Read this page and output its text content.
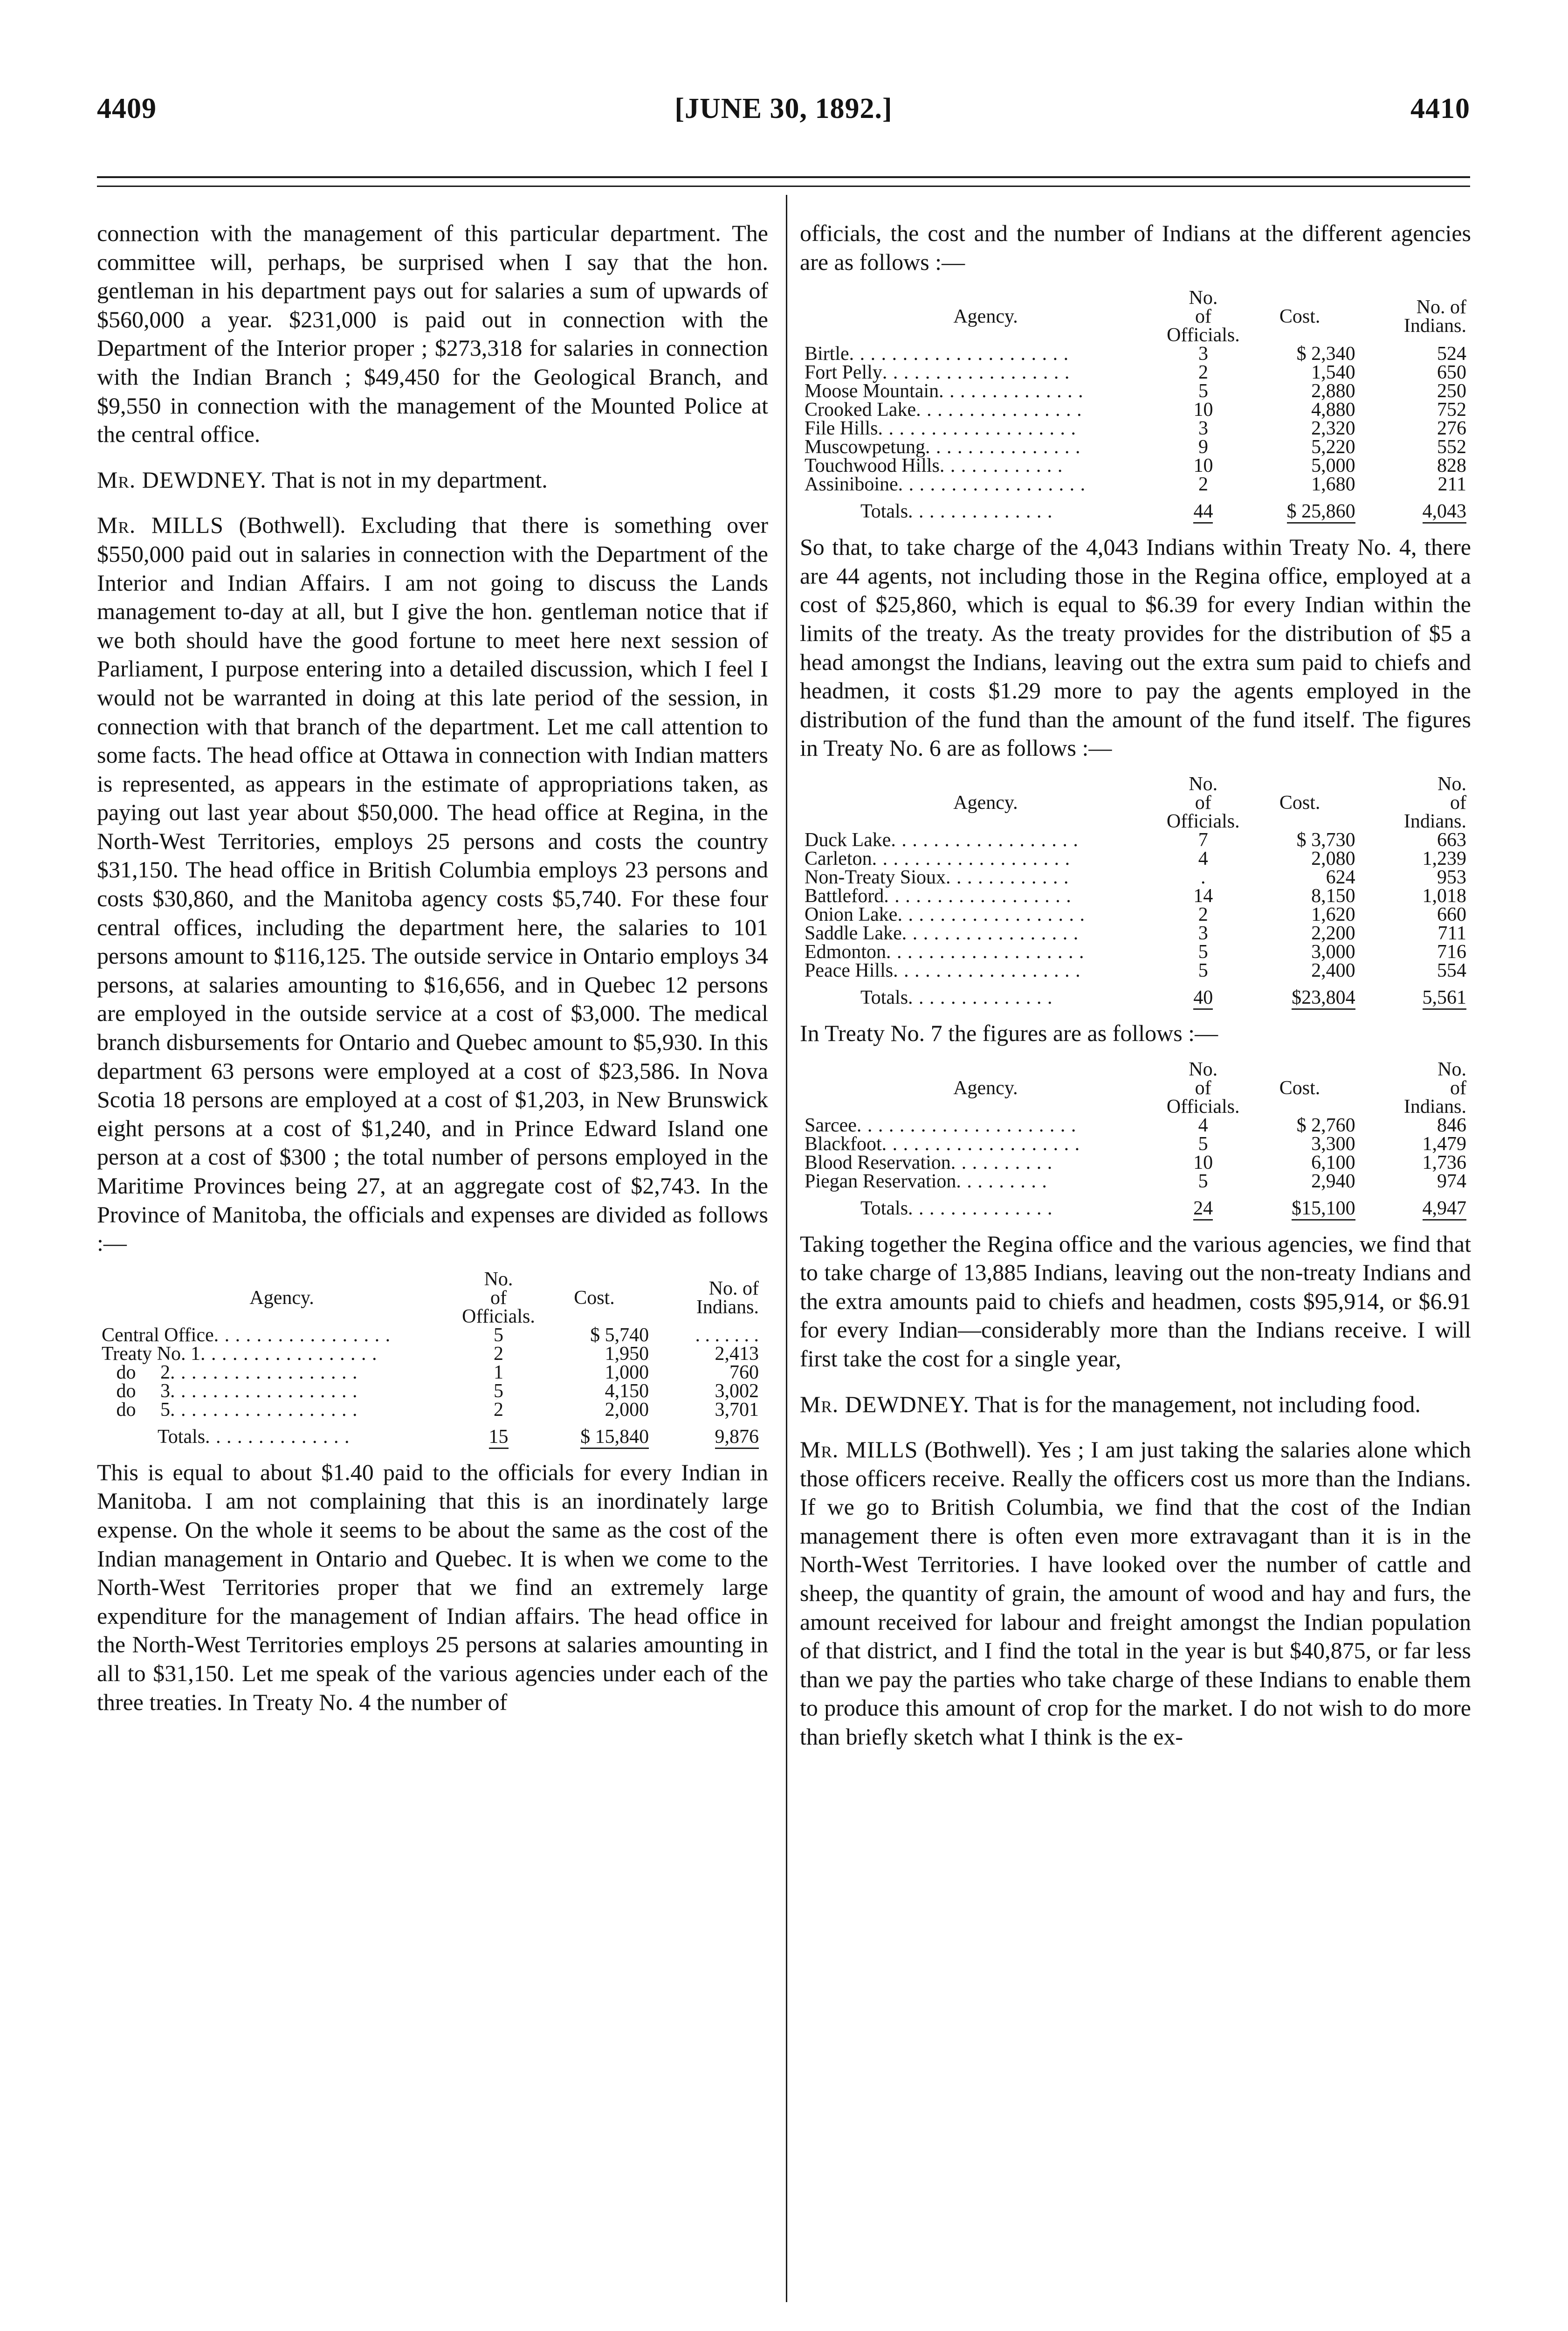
4409	[JUNE 30, 1892.]	4410

connection with the management of this particular department. The committee will, perhaps, be surprised when I say that the hon. gentleman in his department pays out for salaries a sum of upwards of $560,000 a year. $231,000 is paid out in connection with the Department of the Interior proper ; $273,318 for salaries in connection with the Indian Branch ; $49,450 for the Geological Branch, and $9,550 in connection with the management of the Mounted Police at the central office.

Mr. DEWDNEY. That is not in my department.

Mr. MILLS (Bothwell). Excluding that there is something over $550,000 paid out in salaries in connection with the Department of the Interior and Indian Affairs. I am not going to discuss the Lands management to-day at all, but I give the hon. gentleman notice that if we both should have the good fortune to meet here next session of Parliament, I purpose entering into a detailed discussion, which I feel I would not be warranted in doing at this late period of the session, in connection with that branch of the department. Let me call attention to some facts. The head office at Ottawa in connection with Indian matters is represented, as appears in the estimate of appropriations taken, as paying out last year about $50,000. The head office at Regina, in the North-West Territories, employs 25 persons and costs the country $31,150. The head office in British Columbia employs 23 persons and costs $30,860, and the Manitoba agency costs $5,740. For these four central offices, including the department here, the salaries to 101 persons amount to $116,125. The outside service in Ontario employs 34 persons, at salaries amounting to $16,656, and in Quebec 12 persons are employed in the outside service at a cost of $3,000. The medical branch disbursements for Ontario and Quebec amount to $5,930. In this department 63 persons were employed at a cost of $23,586. In Nova Scotia 18 persons are employed at a cost of $1,203, in New Brunswick eight persons at a cost of $1,240, and in Prince Edward Island one person at a cost of $300 ; the total number of persons employed in the Maritime Provinces being 27, at an aggregate cost of $2,743. In the Province of Manitoba, the officials and expenses are divided as follows :—

Agency.	No.
of
Officials.	Cost.	No. of
Indians.
Central Office. . . . . . . . . . . . . . . . .	5	$ 5,740	. . . . . . .
Treaty No. 1. . . . . . . . . . . . . . . . .	2	1,950	2,413
do     2. . . . . . . . . . . . . . . . . .	1	1,000	760
do     3. . . . . . . . . . . . . . . . . .	5	4,150	3,002
do     5. . . . . . . . . . . . . . . . . .	2	2,000	3,701
Totals. . . . . . . . . . . . . .	15	$ 15,840	9,876

This is equal to about $1.40 paid to the officials for every Indian in Manitoba. I am not complaining that this is an inordinately large expense. On the whole it seems to be about the same as the cost of the Indian management in Ontario and Quebec. It is when we come to the North-West Territories proper that we find an extremely large expenditure for the management of Indian affairs. The head office in the North-West Territories employs 25 persons at salaries amounting in all to $31,150. Let me speak of the various agencies under each of the three treaties. In Treaty No. 4 the number of

officials, the cost and the number of Indians at the different agencies are as follows :—

Agency.	No.
of
Officials.	Cost.	No. of
Indians.
Birtle. . . . . . . . . . . . . . . . . . . . .	3	$ 2,340	524
Fort Pelly. . . . . . . . . . . . . . . . . .	2	1,540	650
Moose Mountain. . . . . . . . . . . . . .	5	2,880	250
Crooked Lake. . . . . . . . . . . . . . . .	10	4,880	752
File Hills. . . . . . . . . . . . . . . . . . .	3	2,320	276
Muscowpetung. . . . . . . . . . . . . . .	9	5,220	552
Touchwood Hills. . . . . . . . . . . .	10	5,000	828
Assiniboine. . . . . . . . . . . . . . . . . .	2	1,680	211
Totals. . . . . . . . . . . . . .	44	$ 25,860	4,043

So that, to take charge of the 4,043 Indians within Treaty No. 4, there are 44 agents, not including those in the Regina office, employed at a cost of $25,860, which is equal to $6.39 for every Indian within the limits of the treaty. As the treaty provides for the distribution of $5 a head amongst the Indians, leaving out the extra sum paid to chiefs and headmen, it costs $1.29 more to pay the agents employed in the distribution of the fund than the amount of the fund itself. The figures in Treaty No. 6 are as follows :—

Agency.	No.
of
Officials.	Cost.	No.
of
Indians.
Duck Lake. . . . . . . . . . . . . . . . . .	7	$ 3,730	663
Carleton. . . . . . . . . . . . . . . . . . .	4	2,080	1,239
Non-Treaty Sioux. . . . . . . . . . . .	.	624	953
Battleford. . . . . . . . . . . . . . . . . .	14	8,150	1,018
Onion Lake. . . . . . . . . . . . . . . . . .	2	1,620	660
Saddle Lake. . . . . . . . . . . . . . . . .	3	2,200	711
Edmonton. . . . . . . . . . . . . . . . . . .	5	3,000	716
Peace Hills. . . . . . . . . . . . . . . . . .	5	2,400	554
Totals. . . . . . . . . . . . . .	40	$23,804	5,561

In Treaty No. 7 the figures are as follows :—

Agency.	No.
of
Officials.	Cost.	No.
of
Indians.
Sarcee. . . . . . . . . . . . . . . . . . . . .	4	$ 2,760	846
Blackfoot. . . . . . . . . . . . . . . . . . .	5	3,300	1,479
Blood Reservation. . . . . . . . . .	10	6,100	1,736
Piegan Reservation. . . . . . . . .	5	2,940	974
Totals. . . . . . . . . . . . . .	24	$15,100	4,947

Taking together the Regina office and the various agencies, we find that to take charge of 13,885 Indians, leaving out the non-treaty Indians and the extra amounts paid to chiefs and headmen, costs $95,914, or $6.91 for every Indian—considerably more than the Indians receive. I will first take the cost for a single year,

Mr. DEWDNEY. That is for the management, not including food.

Mr. MILLS (Bothwell). Yes ; I am just taking the salaries alone which those officers receive. Really the officers cost us more than the Indians. If we go to British Columbia, we find that the cost of the Indian management there is often even more extravagant than it is in the North-West Territories. I have looked over the number of cattle and sheep, the quantity of grain, the amount of wood and hay and furs, the amount received for labour and freight amongst the Indian population of that district, and I find the total in the year is but $40,875, or far less than we pay the parties who take charge of these Indians to enable them to produce this amount of crop for the market. I do not wish to do more than briefly sketch what I think is the ex-
